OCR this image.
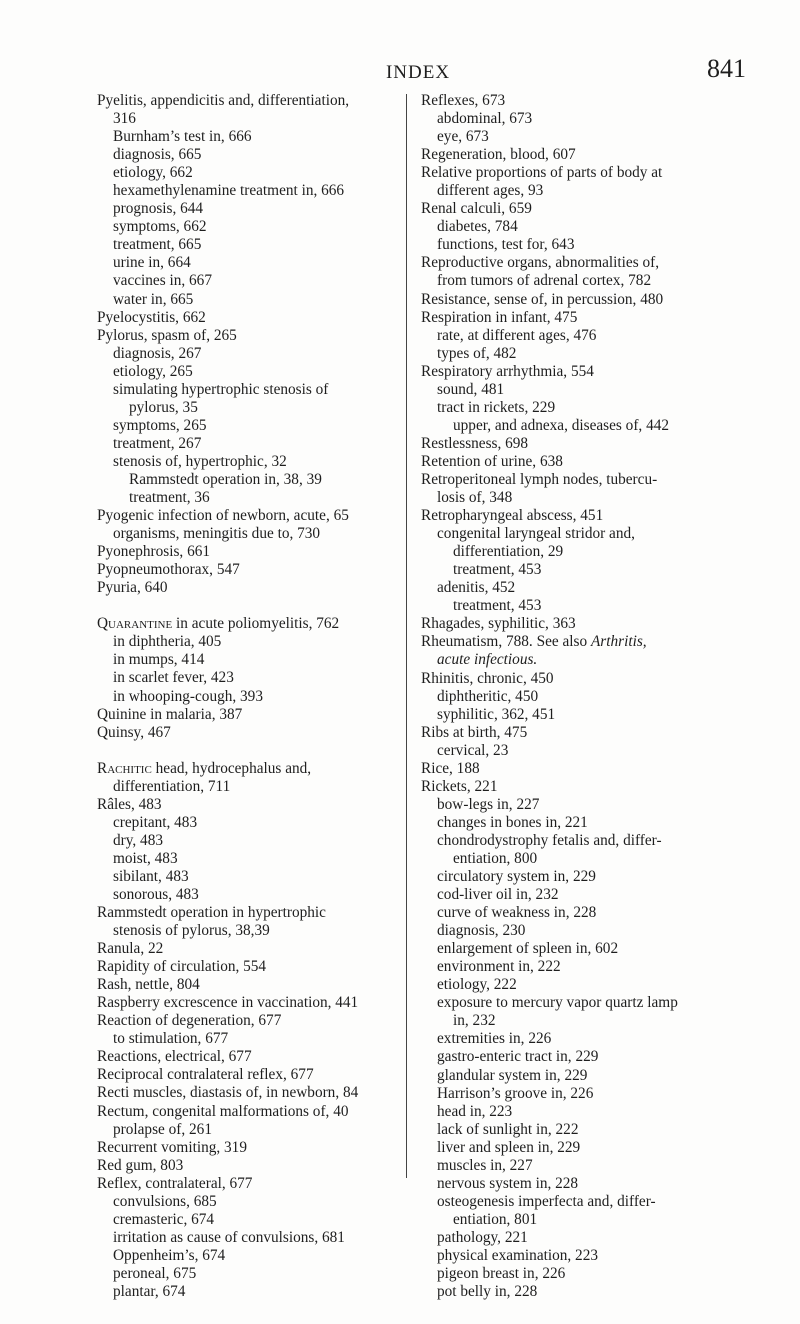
INDEX	841
Pyelitis, appendicitis and, differentiation,
316
Burnham’s test in, 666
diagnosis, 665
etiology, 662
hexamethylenamine treatment in, 666
prognosis, 644
symptoms, 662
treatment, 665
urine in, 664
vaccines in, 667
water in, 665
Pyelocystitis, 662
Pylorus, spasm of, 265
diagnosis, 267
etiology, 265
simulating hypertrophic stenosis of
pylorus, 35
symptoms, 265
treatment, 267
stenosis of, hypertrophic, 32
Rammstedt operation in, 38, 39
treatment, 36
Pyogenic infection of newborn, acute, 65
organisms, meningitis due to, 730
Pyonephrosis, 661
Pyopneumothorax, 547
Pyuria, 640
Quarantine in acute poliomyelitis, 762
in diphtheria, 405
in mumps, 414
in scarlet fever, 423
in whooping-cough, 393
Quinine in malaria, 387
Quinsy, 467
Rachitic head, hydrocephalus and,
differentiation, 711
Râles, 483
crepitant, 483
dry, 483
moist, 483
sibilant, 483
sonorous, 483
Rammstedt operation in hypertrophic
stenosis of pylorus, 38,39
Ranula, 22
Rapidity of circulation, 554
Rash, nettle, 804
Raspberry excrescence in vaccination, 441
Reaction of degeneration, 677
to stimulation, 677
Reactions, electrical, 677
Reciprocal contralateral reflex, 677
Recti muscles, diastasis of, in newborn, 84
Rectum, congenital malformations of, 40
prolapse of, 261
Recurrent vomiting, 319
Red gum, 803
Reflex, contralateral, 677
convulsions, 685
cremasteric, 674
irritation as cause of convulsions, 681
Oppenheim’s, 674
peroneal, 675
plantar, 674
Reflexes, 673
abdominal, 673
eye, 673
Regeneration, blood, 607
Relative proportions of parts of body at
different ages, 93
Renal calculi, 659
diabetes, 784
functions, test for, 643
Reproductive organs, abnormalities of,
from tumors of adrenal cortex, 782
Resistance, sense of, in percussion, 480
Respiration in infant, 475
rate, at different ages, 476
types of, 482
Respiratory arrhythmia, 554
sound, 481
tract in rickets, 229
upper, and adnexa, diseases of, 442
Restlessness, 698
Retention of urine, 638
Retroperitoneal lymph nodes, tubercu-
losis of, 348
Retropharyngeal abscess, 451
congenital laryngeal stridor and,
differentiation, 29
treatment, 453
adenitis, 452
treatment, 453
Rhagades, syphilitic, 363
Rheumatism, 788. See also Arthritis,
acute infectious.
Rhinitis, chronic, 450
diphtheritic, 450
syphilitic, 362, 451
Ribs at birth, 475
cervical, 23
Rice, 188
Rickets, 221
bow-legs in, 227
changes in bones in, 221
chondrodystrophy fetalis and, differ-
entiation, 800
circulatory system in, 229
cod-liver oil in, 232
curve of weakness in, 228
diagnosis, 230
enlargement of spleen in, 602
environment in, 222
etiology, 222
exposure to mercury vapor quartz lamp
in, 232
extremities in, 226
gastro-enteric tract in, 229
glandular system in, 229
Harrison’s groove in, 226
head in, 223
lack of sunlight in, 222
liver and spleen in, 229
muscles in, 227
nervous system in, 228
osteogenesis imperfecta and, differ-
entiation, 801
pathology, 221
physical examination, 223
pigeon breast in, 226
pot belly in, 228
